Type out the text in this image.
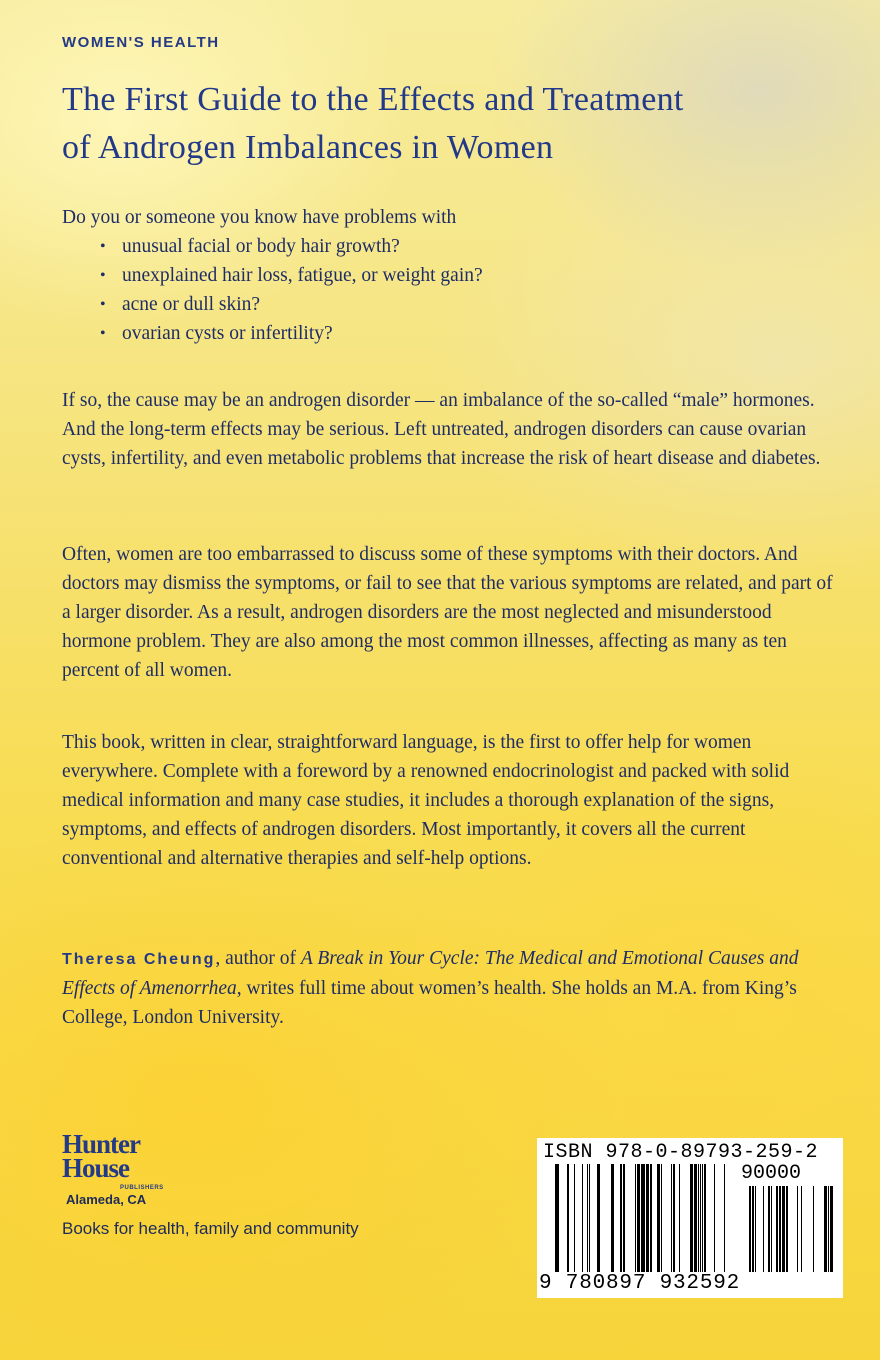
WOMEN'S HEALTH
The First Guide to the Effects and Treatment
of Androgen Imbalances in Women
Do you or someone you know have problems with
• unusual facial or body hair growth?
• unexplained hair loss, fatigue, or weight gain?
• acne or dull skin?
• ovarian cysts or infertility?
If so, the cause may be an androgen disorder — an imbalance of the so-called “male” hormones. And the long-term effects may be serious. Left untreated, androgen disorders can cause ovarian cysts, infertility, and even metabolic problems that increase the risk of heart disease and diabetes.
Often, women are too embarrassed to discuss some of these symptoms with their doctors. And doctors may dismiss the symptoms, or fail to see that the various symptoms are related, and part of a larger disorder. As a result, androgen disorders are the most neglected and misunderstood hormone problem. They are also among the most common illnesses, affecting as many as ten percent of all women.
This book, written in clear, straightforward language, is the first to offer help for women everywhere. Complete with a foreword by a renowned endocrinologist and packed with solid medical information and many case studies, it includes a thorough explanation of the signs, symptoms, and effects of androgen disorders. Most importantly, it covers all the current conventional and alternative therapies and self-help options.
Theresa Cheung, author of A Break in Your Cycle: The Medical and Emotional Causes and Effects of Amenorrhea, writes full time about women’s health. She holds an M.A. from King’s College, London University.
Hunter
House
PUBLISHERS
Alameda, CA
Books for health, family and community
ISBN 978-0-89793-259-2
90000
9 780897 932592
